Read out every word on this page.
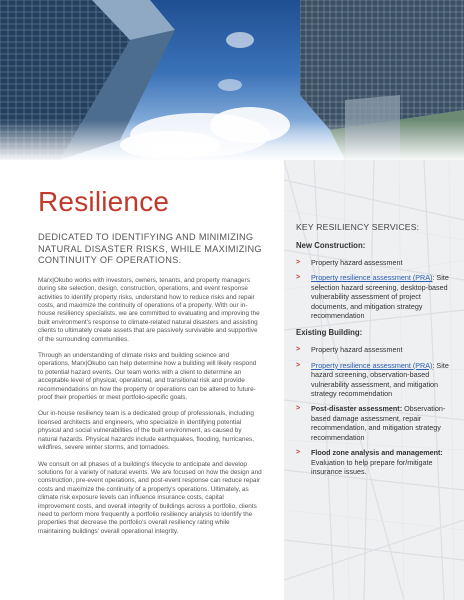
KEY RESILIENCY SERVICES:
New Construction:
> Property hazard assessment
> Property resilience assessment (PRA): Site selection hazard screening, desktop-based vulnerability assessment of project documents, and mitigation strategy recommendation
Existing Building:
> Property hazard assessment
> Property resilience assessment (PRA): Site hazard screening, observation-based vulnerability assessment, and mitigation strategy recommendation
> Post-disaster assessment: Observation-based damage assessment, repair recommendation, and mitigation strategy recommendation
> Flood zone analysis and management: Evaluation to help prepare for/mitigate insurance issues.
Resilience

DEDICATED TO IDENTIFYING AND MINIMIZING NATURAL DISASTER RISKS, WHILE MAXIMIZING CONTINUITY OF OPERATIONS.

Marx|Okubo works with investors, owners, tenants, and property managers during site selection, design, construction, operations, and event response activities to identify property risks, understand how to reduce risks and repair costs, and maximize the continuity of operations of a property. With our in-house resiliency specialists, we are committed to evaluating and improving the built environment's response to climate-related natural disasters and assisting clients to ultimately create assets that are passively survivable and supportive of the surrounding communities.

Through an understanding of climate risks and building science and operations, Marx|Okubo can help determine how a building will likely respond to potential hazard events. Our team works with a client to determine an acceptable level of physical, operational, and transitional risk and provide recommendations on how the property or operations can be altered to future-proof their properties or meet portfolio-specific goals.

Our in-house resiliency team is a dedicated group of professionals, including licensed architects and engineers, who specialize in identifying potential physical and social vulnerabilities of the built environment, as caused by natural hazards. Physical hazards include earthquakes, flooding, hurricanes, wildfires, severe winter storms, and tornadoes.

We consult on all phases of a building's lifecycle to anticipate and develop solutions for a variety of natural events. We are focused on how the design and construction, pre-event operations, and post-event response can reduce repair costs and maximize the continuity of a property's operations. Ultimately, as climate risk exposure levels can influence insurance costs, capital improvement costs, and overall integrity of buildings across a portfolio, clients need to perform more frequently a portfolio resiliency analysis to identify the properties that decrease the portfolio's overall resiliency rating while maintaining buildings' overall operational integrity.
